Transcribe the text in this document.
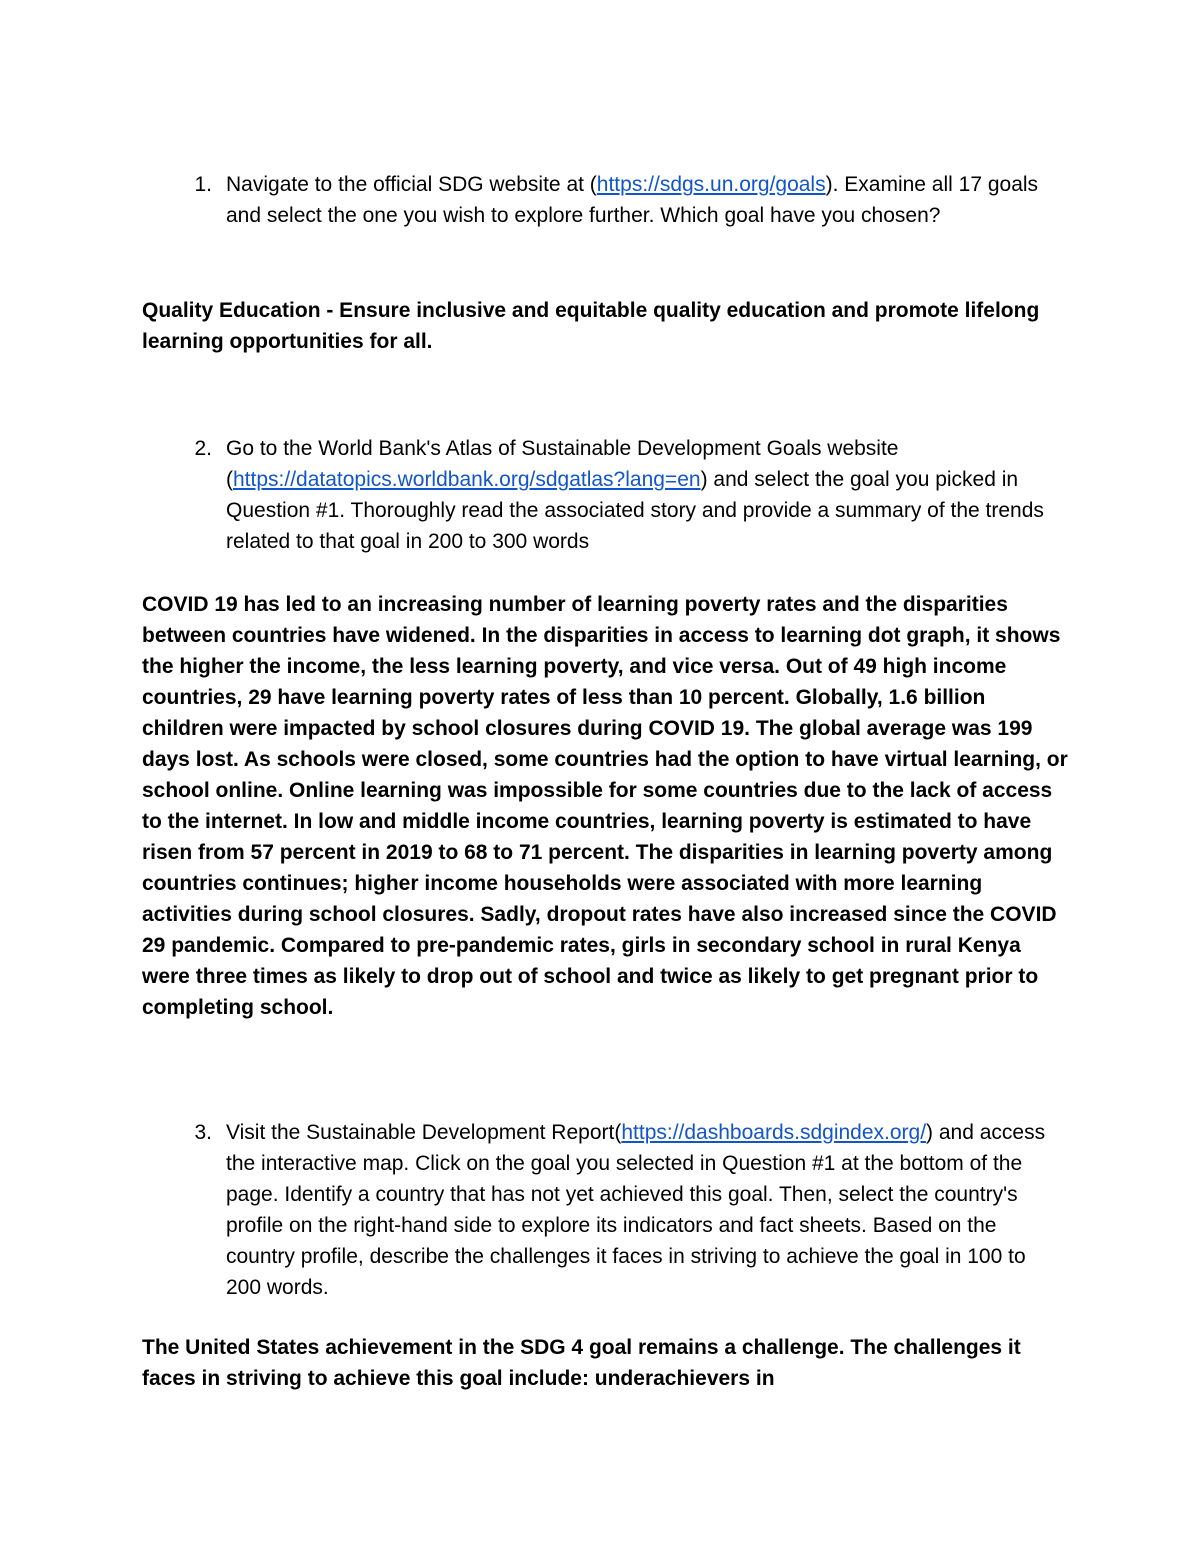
1. Navigate to the official SDG website at (https://sdgs.un.org/goals). Examine all 17 goals and select the one you wish to explore further. Which goal have you chosen?
Quality Education - Ensure inclusive and equitable quality education and promote lifelong learning opportunities for all.
2. Go to the World Bank's Atlas of Sustainable Development Goals website (https://datatopics.worldbank.org/sdgatlas?lang=en) and select the goal you picked in Question #1. Thoroughly read the associated story and provide a summary of the trends related to that goal in 200 to 300 words
COVID 19 has led to an increasing number of learning poverty rates and the disparities between countries have widened. In the disparities in access to learning dot graph, it shows the higher the income, the less learning poverty, and vice versa. Out of 49 high income countries, 29 have learning poverty rates of less than 10 percent. Globally, 1.6 billion children were impacted by school closures during COVID 19. The global average was 199 days lost. As schools were closed, some countries had the option to have virtual learning, or school online. Online learning was impossible for some countries due to the lack of access to the internet. In low and middle income countries, learning poverty is estimated to have risen from 57 percent in 2019 to 68 to 71 percent. The disparities in learning poverty among countries continues; higher income households were associated with more learning activities during school closures. Sadly, dropout rates have also increased since the COVID 29 pandemic. Compared to pre-pandemic rates, girls in secondary school in rural Kenya were three times as likely to drop out of school and twice as likely to get pregnant prior to completing school.
3. Visit the Sustainable Development Report(https://dashboards.sdgindex.org/) and access the interactive map. Click on the goal you selected in Question #1 at the bottom of the page. Identify a country that has not yet achieved this goal. Then, select the country's profile on the right-hand side to explore its indicators and fact sheets. Based on the country profile, describe the challenges it faces in striving to achieve the goal in 100 to 200 words.
The United States achievement in the SDG 4 goal remains a challenge. The challenges it faces in striving to achieve this goal include: underachievers in
